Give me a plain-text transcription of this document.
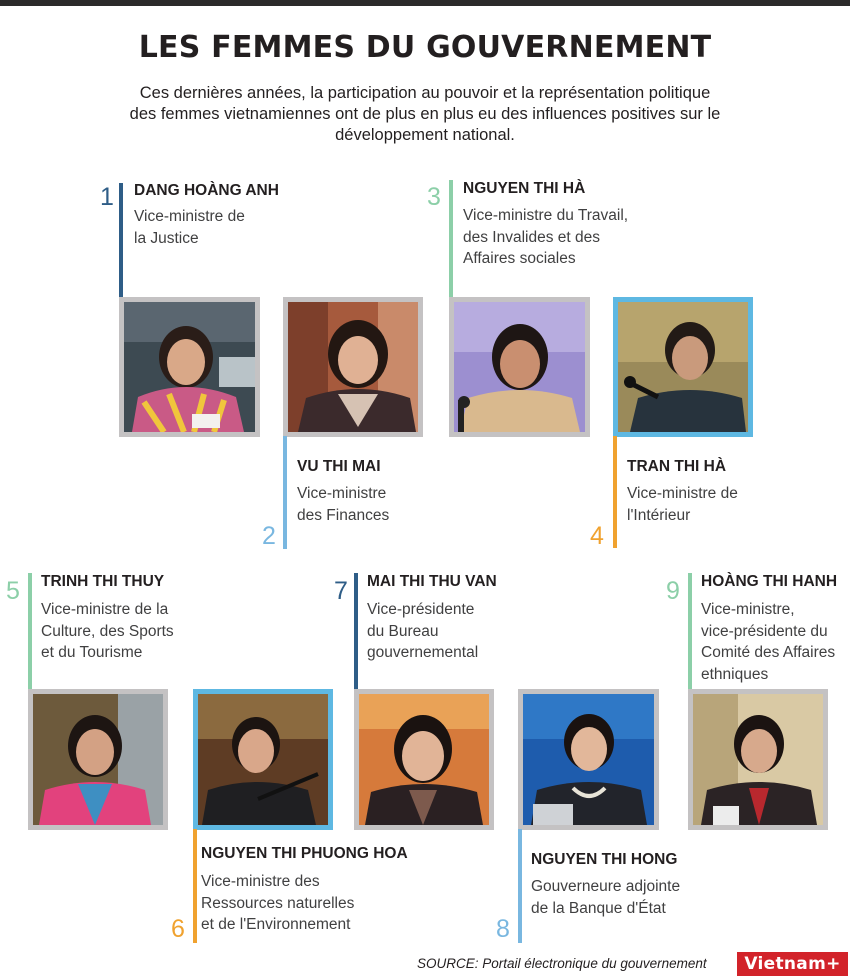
LES FEMMES DU GOUVERNEMENT
Ces dernières années, la participation au pouvoir et la représentation politique
des femmes vietnamiennes ont de plus en plus eu des influences positives sur le
développement national.
1 DANG HOÀNG ANH
Vice-ministre de
la Justice
VU THI MAI
Vice-ministre
des Finances
2
3 NGUYEN THI HÀ
Vice-ministre du Travail,
des Invalides et des
Affaires sociales
TRAN THI HÀ
Vice-ministre de
l'Intérieur
4
5 TRINH THI THUY
Vice-ministre de la
Culture, des Sports
et du Tourisme
NGUYEN THI PHUONG HOA
Vice-ministre des
Ressources naturelles
et de l'Environnement
6
7 MAI THI THU VAN
Vice-présidente
du Bureau
gouvernemental
NGUYEN THI HONG
Gouverneure adjointe
de la Banque d'État
8
9 HOÀNG THI HANH
Vice-ministre,
vice-présidente du
Comité des Affaires
ethniques
SOURCE: Portail électronique du gouvernement	Vietnam+
